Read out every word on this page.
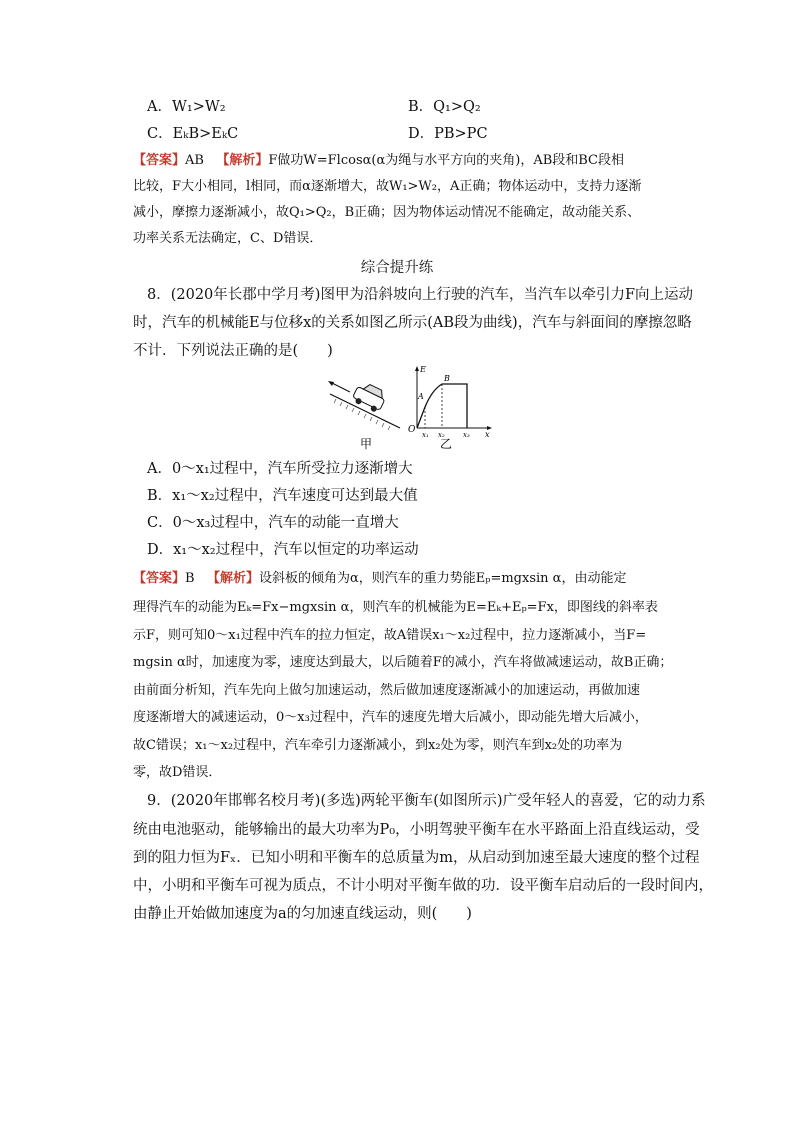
A．W₁>W₂	B．Q₁>Q₂
C．EₖB>EₖC	D．PB>PC
【答案】AB 【解析】F做功W=Flcosα(α为绳与水平方向的夹角)，AB段和BC段相
比较，F大小相同，l相同，而α逐渐增大，故W₁>W₂，A正确；物体运动中，支持力逐渐
减小，摩擦力逐渐减小，故Q₁>Q₂，B正确；因为物体运动情况不能确定，故动能关系、
功率关系无法确定，C、D错误．
综合提升练
8．(2020年长郡中学月考)图甲为沿斜坡向上行驶的汽车，当汽车以牵引力F向上运动
时，汽车的机械能E与位移x的关系如图乙所示(AB段为曲线)，汽车与斜面间的摩擦忽略
不计．下列说法正确的是(　　)
甲
E
x
O
A
B
x₁ x₂	x₃
乙
A．0～x₁过程中，汽车所受拉力逐渐增大
B．x₁～x₂过程中，汽车速度可达到最大值
C．0～x₃过程中，汽车的动能一直增大
D．x₁～x₂过程中，汽车以恒定的功率运动
【答案】B 【解析】设斜板的倾角为α，则汽车的重力势能Eₚ=mgxsin α，由动能定
理得汽车的动能为Eₖ=Fx−mgxsin α，则汽车的机械能为E=Eₖ+Eₚ=Fx，即图线的斜率表
示F，则可知0～x₁过程中汽车的拉力恒定，故A错误x₁～x₂过程中，拉力逐渐减小，当F=
mgsin α时，加速度为零，速度达到最大，以后随着F的减小，汽车将做减速运动，故B正确；
由前面分析知，汽车先向上做匀加速运动，然后做加速度逐渐减小的加速运动，再做加速
度逐渐增大的减速运动，0～x₃过程中，汽车的速度先增大后减小，即动能先增大后减小，
故C错误；x₁～x₂过程中，汽车牵引力逐渐减小，到x₂处为零，则汽车到x₂处的功率为
零，故D错误．
9．(2020年邯郸名校月考)(多选)两轮平衡车(如图所示)广受年轻人的喜爱，它的动力系
统由电池驱动，能够输出的最大功率为P₀，小明驾驶平衡车在水平路面上沿直线运动，受
到的阻力恒为Fₓ．已知小明和平衡车的总质量为m，从启动到加速至最大速度的整个过程
中，小明和平衡车可视为质点，不计小明对平衡车做的功．设平衡车启动后的一段时间内，
由静止开始做加速度为a的匀加速直线运动，则(　　)
